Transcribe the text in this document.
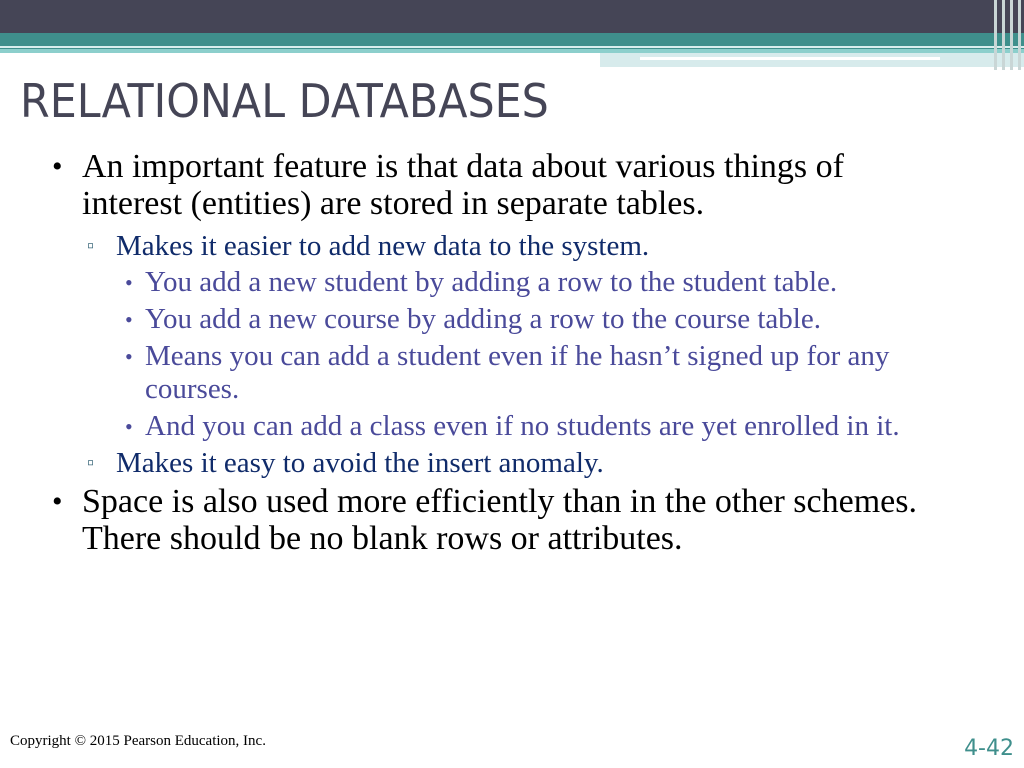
RELATIONAL DATABASES

• An important feature is that data about various things of interest (entities) are stored in separate tables.

▫ Makes it easier to add new data to the system.

• You add a new student by adding a row to the student table.

• You add a new course by adding a row to the course table.

• Means you can add a student even if he hasn’t signed up for any courses.

• And you can add a class even if no students are yet enrolled in it.

▫ Makes it easy to avoid the insert anomaly.

• Space is also used more efficiently than in the other schemes. There should be no blank rows or attributes.

Copyright © 2015 Pearson Education, Inc.	4-42
